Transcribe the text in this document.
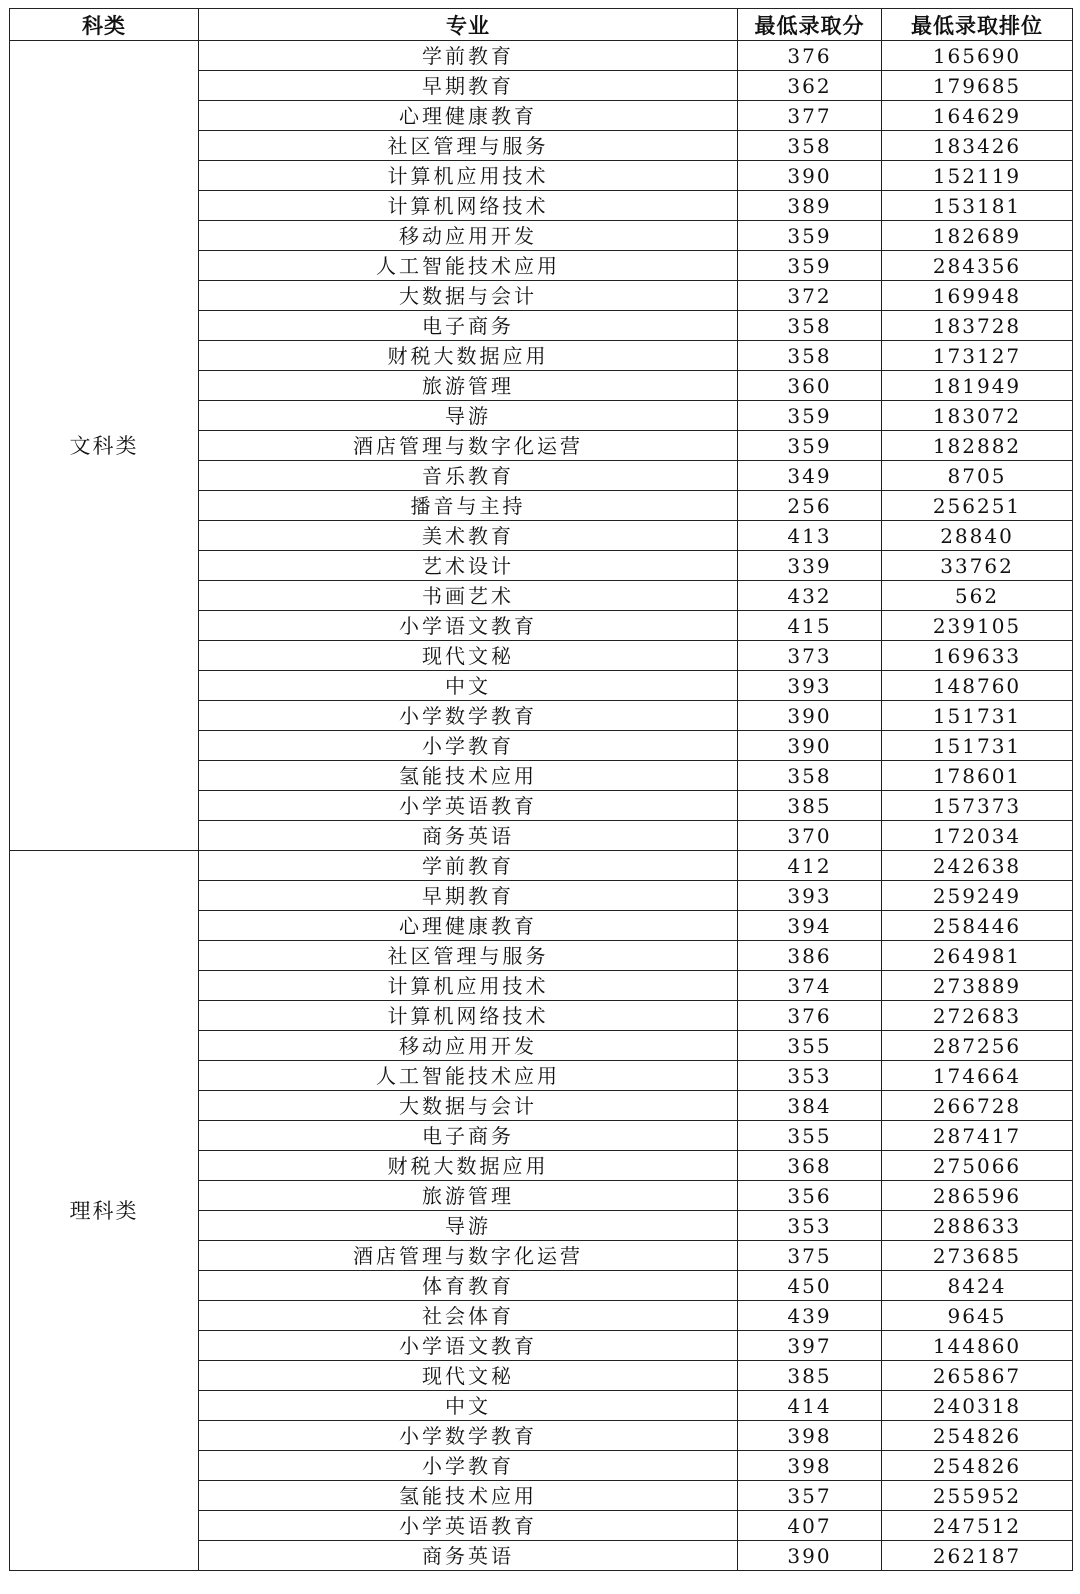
科类	专业	最低录取分	最低录取排位
文科类	学前教育	376	165690
	早期教育	362	179685
	心理健康教育	377	164629
	社区管理与服务	358	183426
	计算机应用技术	390	152119
	计算机网络技术	389	153181
	移动应用开发	359	182689
	人工智能技术应用	359	284356
	大数据与会计	372	169948
	电子商务	358	183728
	财税大数据应用	358	173127
	旅游管理	360	181949
	导游	359	183072
	酒店管理与数字化运营	359	182882
	音乐教育	349	8705
	播音与主持	256	256251
	美术教育	413	28840
	艺术设计	339	33762
	书画艺术	432	562
	小学语文教育	415	239105
	现代文秘	373	169633
	中文	393	148760
	小学数学教育	390	151731
	小学教育	390	151731
	氢能技术应用	358	178601
	小学英语教育	385	157373
	商务英语	370	172034
理科类	学前教育	412	242638
	早期教育	393	259249
	心理健康教育	394	258446
	社区管理与服务	386	264981
	计算机应用技术	374	273889
	计算机网络技术	376	272683
	移动应用开发	355	287256
	人工智能技术应用	353	174664
	大数据与会计	384	266728
	电子商务	355	287417
	财税大数据应用	368	275066
	旅游管理	356	286596
	导游	353	288633
	酒店管理与数字化运营	375	273685
	体育教育	450	8424
	社会体育	439	9645
	小学语文教育	397	144860
	现代文秘	385	265867
	中文	414	240318
	小学数学教育	398	254826
	小学教育	398	254826
	氢能技术应用	357	255952
	小学英语教育	407	247512
	商务英语	390	262187
